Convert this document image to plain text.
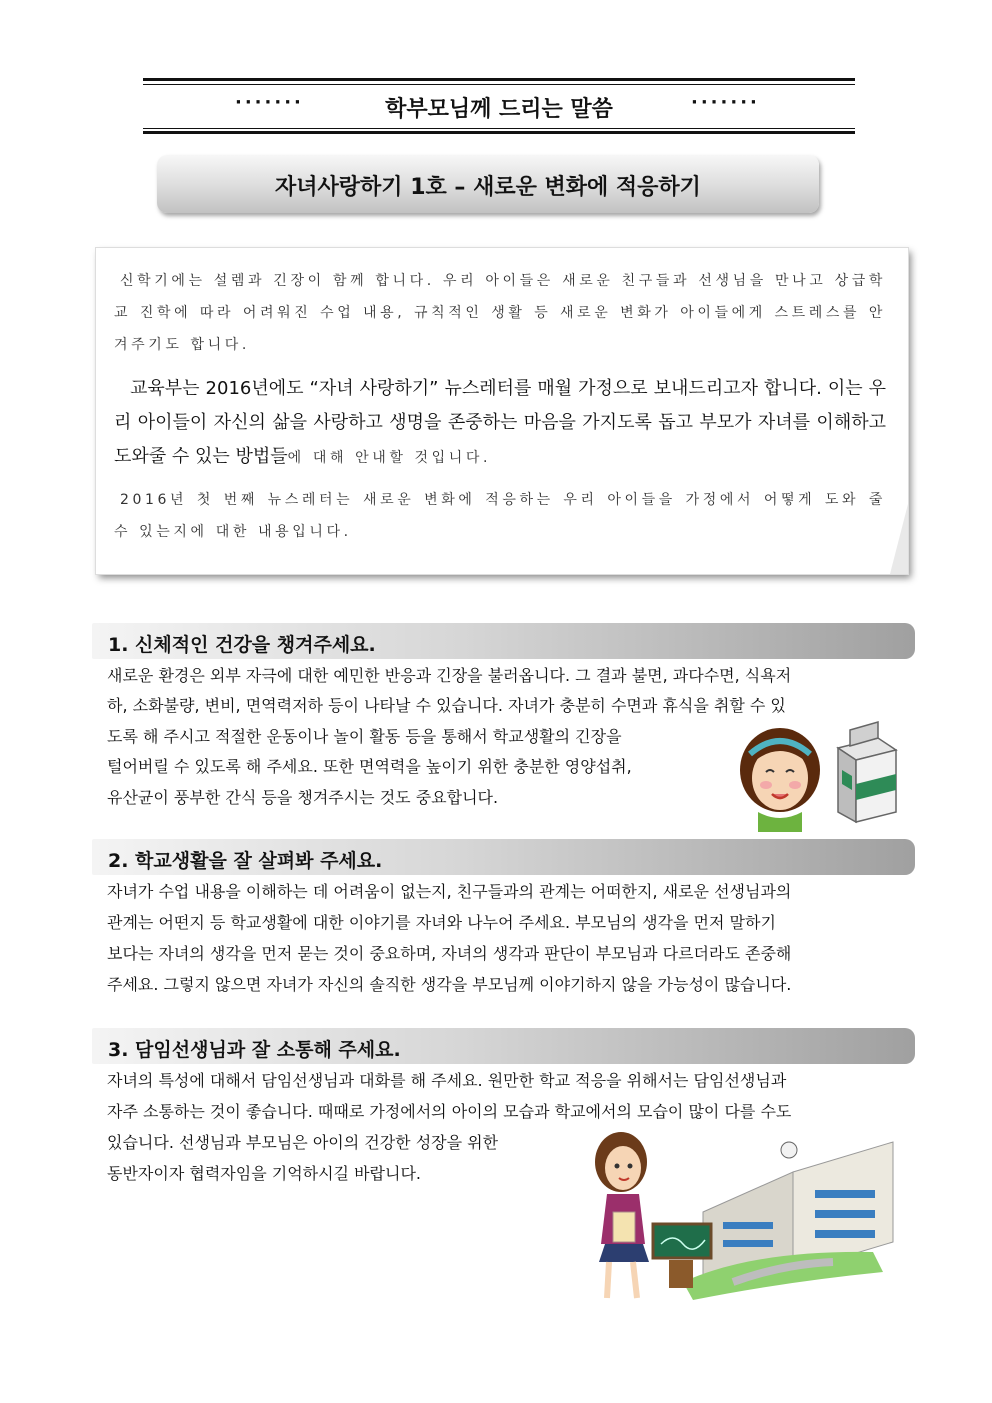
·······	학부모님께 드리는 말씀	·······
자녀사랑하기 1호 – 새로운 변화에 적응하기

신학기에는 설렘과 긴장이 함께 합니다. 우리 아이들은 새로운 친구들과 선생님을 만나고 상급학교 진학에 따라 어려워진 수업 내용, 규칙적인 생활 등 새로운 변화가 아이들에게 스트레스를 안겨주기도 합니다.

교육부는 2016년에도 “자녀 사랑하기” 뉴스레터를 매월 가정으로 보내드리고자 합니다. 이는 우리 아이들이 자신의 삶을 사랑하고 생명을 존중하는 마음을 가지도록 돕고 부모가 자녀를 이해하고 도와줄 수 있는 방법들에 대해 안내할 것입니다.

2016년 첫 번째 뉴스레터는 새로운 변화에 적응하는 우리 아이들을 가정에서 어떻게 도와 줄 수 있는지에 대한 내용입니다.

1. 신체적인 건강을 챙겨주세요.

새로운 환경은 외부 자극에 대한 예민한 반응과 긴장을 불러옵니다. 그 결과 불면, 과다수면, 식욕저

하, 소화불량, 변비, 면역력저하 등이 나타날 수 있습니다. 자녀가 충분히 수면과 휴식을 취할 수 있

도록 해 주시고 적절한 운동이나 놀이 활동 등을 통해서 학교생활의 긴장을

털어버릴 수 있도록 해 주세요. 또한 면역력을 높이기 위한 충분한 영양섭취,

유산균이 풍부한 간식 등을 챙겨주시는 것도 중요합니다.

2. 학교생활을 잘 살펴봐 주세요.

자녀가 수업 내용을 이해하는 데 어려움이 없는지, 친구들과의 관계는 어떠한지, 새로운 선생님과의

관계는 어떤지 등 학교생활에 대한 이야기를 자녀와 나누어 주세요. 부모님의 생각을 먼저 말하기

보다는 자녀의 생각을 먼저 묻는 것이 중요하며, 자녀의 생각과 판단이 부모님과 다르더라도 존중해

주세요. 그렇지 않으면 자녀가 자신의 솔직한 생각을 부모님께 이야기하지 않을 가능성이 많습니다.

3. 담임선생님과 잘 소통해 주세요.

자녀의 특성에 대해서 담임선생님과 대화를 해 주세요. 원만한 학교 적응을 위해서는 담임선생님과

자주 소통하는 것이 좋습니다. 때때로 가정에서의 아이의 모습과 학교에서의 모습이 많이 다를 수도

있습니다. 선생님과 부모님은 아이의 건강한 성장을 위한

동반자이자 협력자임을 기억하시길 바랍니다.
